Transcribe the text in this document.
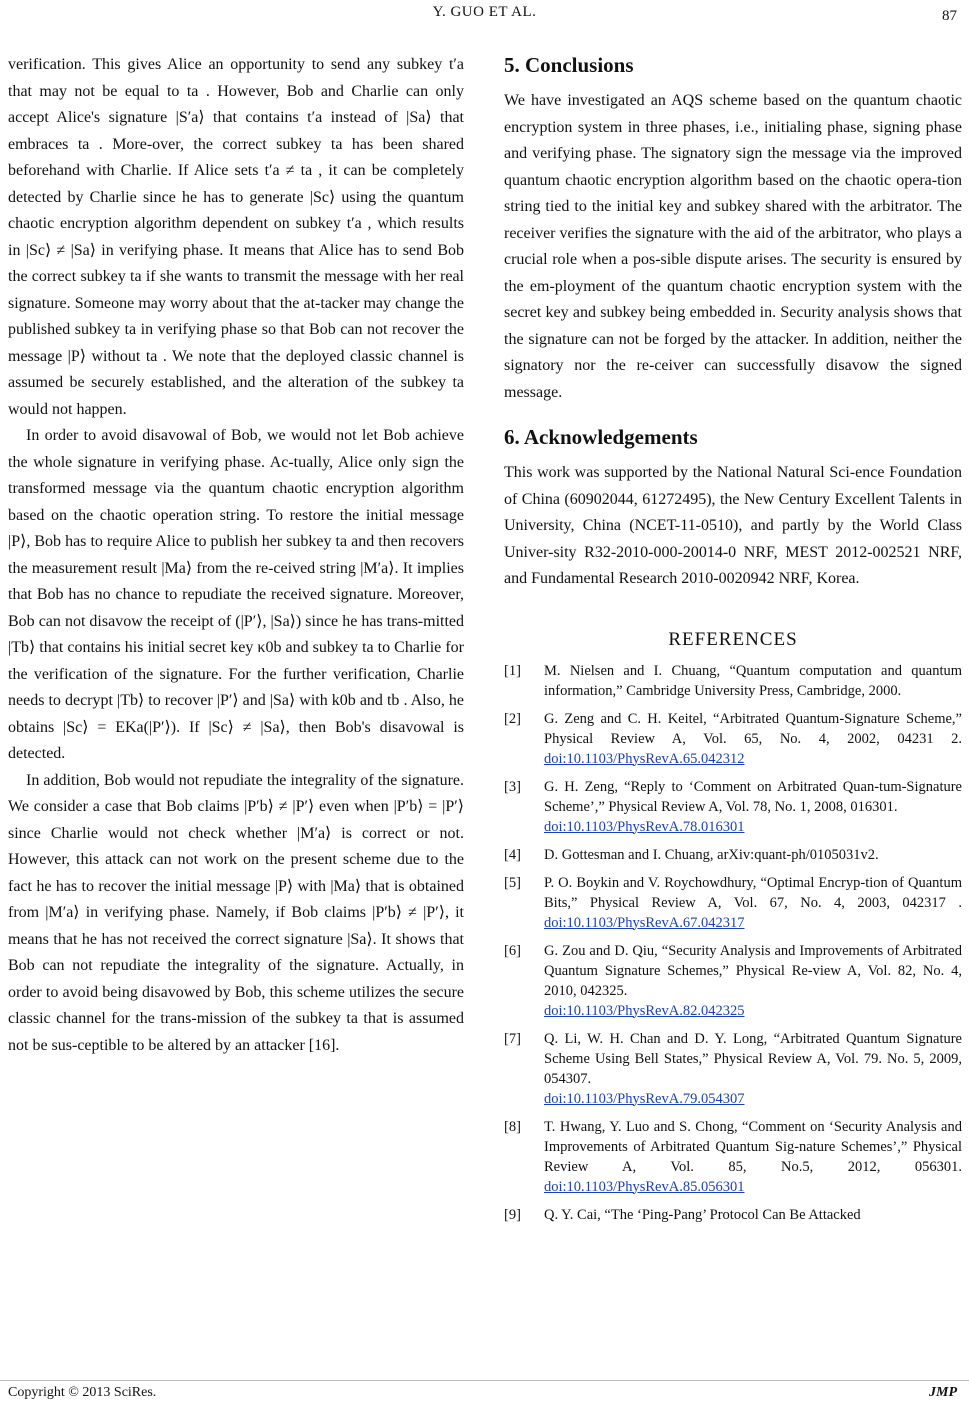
Y. GUO ET AL.	87

verification. This gives Alice an opportunity to send any subkey t′a that may not be equal to ta . However, Bob and Charlie can only accept Alice's signature |S′a⟩ that contains t′a instead of |Sa⟩ that embraces ta . More-over, the correct subkey ta has been shared beforehand with Charlie. If Alice sets t′a ≠ ta , it can be completely detected by Charlie since he has to generate |Sc⟩ using the quantum chaotic encryption algorithm dependent on subkey t′a , which results in |Sc⟩ ≠ |Sa⟩ in verifying phase. It means that Alice has to send Bob the correct subkey ta if she wants to transmit the message with her real signature. Someone may worry about that the at-tacker may change the published subkey ta in verifying phase so that Bob can not recover the message |P⟩ without ta . We note that the deployed classic channel is assumed be securely established, and the alteration of the subkey ta would not happen.

In order to avoid disavowal of Bob, we would not let Bob achieve the whole signature in verifying phase. Ac-tually, Alice only sign the transformed message via the quantum chaotic encryption algorithm based on the chaotic operation string. To restore the initial message |P⟩, Bob has to require Alice to publish her subkey ta and then recovers the measurement result |Ma⟩ from the re-ceived string |M′a⟩. It implies that Bob has no chance to repudiate the received signature. Moreover, Bob can not disavow the receipt of (|P′⟩, |Sa⟩) since he has trans-mitted |Tb⟩ that contains his initial secret key κ0b and subkey ta to Charlie for the verification of the signature. For the further verification, Charlie needs to decrypt |Tb⟩ to recover |P′⟩ and |Sa⟩ with k0b and tb . Also, he obtains |Sc⟩ = EKa(|P′⟩). If |Sc⟩ ≠ |Sa⟩, then Bob's disavowal is detected.

In addition, Bob would not repudiate the integrality of the signature. We consider a case that Bob claims |P′b⟩ ≠ |P′⟩ even when |P′b⟩ = |P′⟩ since Charlie would not check whether |M′a⟩ is correct or not. However, this attack can not work on the present scheme due to the fact he has to recover the initial message |P⟩ with |Ma⟩ that is obtained from |M′a⟩ in verifying phase. Namely, if Bob claims |P′b⟩ ≠ |P′⟩, it means that he has not received the correct signature |Sa⟩. It shows that Bob can not repudiate the integrality of the signature. Actually, in order to avoid being disavowed by Bob, this scheme utilizes the secure classic channel for the trans-mission of the subkey ta that is assumed not be sus-ceptible to be altered by an attacker [16].

5. Conclusions

We have investigated an AQS scheme based on the quantum chaotic encryption system in three phases, i.e., initialing phase, signing phase and verifying phase. The signatory sign the message via the improved quantum chaotic encryption algorithm based on the chaotic opera-tion string tied to the initial key and subkey shared with the arbitrator. The receiver verifies the signature with the aid of the arbitrator, who plays a crucial role when a pos-sible dispute arises. The security is ensured by the em-ployment of the quantum chaotic encryption system with the secret key and subkey being embedded in. Security analysis shows that the signature can not be forged by the attacker. In addition, neither the signatory nor the re-ceiver can successfully disavow the signed message.

6. Acknowledgements

This work was supported by the National Natural Sci-ence Foundation of China (60902044, 61272495), the New Century Excellent Talents in University, China (NCET-11-0510), and partly by the World Class Univer-sity R32-2010-000-20014-0 NRF, MEST 2012-002521 NRF, and Fundamental Research 2010-0020942 NRF, Korea.

REFERENCES
[1] M. Nielsen and I. Chuang, “Quantum computation and quantum information,” Cambridge University Press, Cambridge, 2000.
[2] G. Zeng and C. H. Keitel, “Arbitrated Quantum-Signature Scheme,” Physical Review A, Vol. 65, No. 4, 2002, 04231 2. doi:10.1103/PhysRevA.65.042312
[3] G. H. Zeng, “Reply to ‘Comment on Arbitrated Quan-tum-Signature Scheme’,” Physical Review A, Vol. 78, No. 1, 2008, 016301.
doi:10.1103/PhysRevA.78.016301
[4] D. Gottesman and I. Chuang, arXiv:quant-ph/0105031v2.
[5] P. O. Boykin and V. Roychowdhury, “Optimal Encryp-tion of Quantum Bits,” Physical Review A, Vol. 67, No. 4, 2003, 042317 . doi:10.1103/PhysRevA.67.042317
[6] G. Zou and D. Qiu, “Security Analysis and Improvements of Arbitrated Quantum Signature Schemes,” Physical Re-view A, Vol. 82, No. 4, 2010, 042325.
doi:10.1103/PhysRevA.82.042325
[7] Q. Li, W. H. Chan and D. Y. Long, “Arbitrated Quantum Signature Scheme Using Bell States,” Physical Review A, Vol. 79. No. 5, 2009, 054307.
doi:10.1103/PhysRevA.79.054307
[8] T. Hwang, Y. Luo and S. Chong, “Comment on ‘Security Analysis and Improvements of Arbitrated Quantum Sig-nature Schemes’,” Physical Review A, Vol. 85, No.5, 2012, 056301. doi:10.1103/PhysRevA.85.056301
[9] Q. Y. Cai, “The ‘Ping-Pang’ Protocol Can Be Attacked
Copyright © 2013 SciRes.	JMP
